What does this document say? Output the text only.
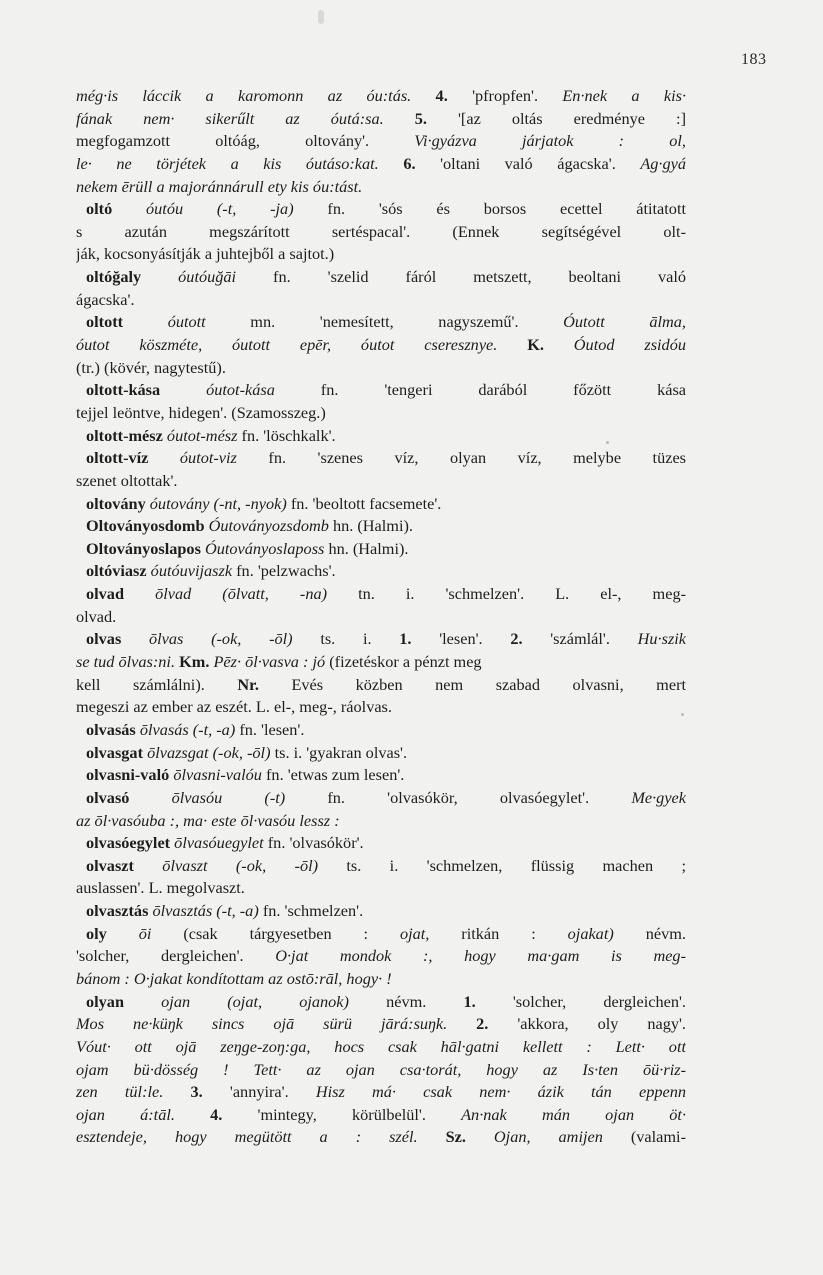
183
még·is láccik a karomonn az óu:tás. 4. 'pfropfen'. En·nek a kis·
fának nem· sikerűlt az óutá:sa. 5. '[az oltás eredménye :]
megfogamzott oltóág, oltovány'. Vi·gyázva járjatok : ol,
le· ne törjétek a kis óutáso:kat. 6. 'oltani való ágacska'. Ag·gyá
nekem ērüll a majoránnárull ety kis óu:tást.
oltó óutóu (-t, -ja) fn. 'sós és borsos ecettel átitatott
s azután megszárított sertéspacal'. (Ennek segítségével olt-
ják, kocsonyásítják a juhtejből a sajtot.)
oltóğaly óutóuğāi fn. 'szelid fáról metszett, beoltani való
ágacska'.
oltott óutott mn. 'nemesített, nagyszemű'. Óutott ālma,
óutot köszméte, óutott epēr, óutot cseresznye. K. Óutod zsidóu
(tr.) (kövér, nagytestű).
oltott-kása óutot-kása fn. 'tengeri darából főzött kása
tejjel leöntve, hidegen'. (Szamosszeg.)
oltott-mész óutot-mész fn. 'löschkalk'.
oltott-víz óutot-viz fn. 'szenes víz, olyan víz, melybe tüzes
szenet oltottak'.
oltovány óutovány (-nt, -nyok) fn. 'beoltott facsemete'.
Oltoványosdomb Óutoványozsdomb hn. (Halmi).
Oltoványoslapos Óutoványoslaposs hn. (Halmi).
oltóviasz óutóuvijaszk fn. 'pelzwachs'.
olvad ōlvad (ōlvatt, -na) tn. i. 'schmelzen'. L. el-, meg-
olvad.
olvas ōlvas (-ok, -ōl) ts. i. 1. 'lesen'. 2. 'számlál'. Hu·szik
se tud ōlvas:ni. Km. Pēz· ōl·vasva : jó (fizetéskor a pénzt meg
kell számlálni). Nr. Evés közben nem szabad olvasni, mert
megeszi az ember az eszét. L. el-, meg-, ráolvas.
olvasás ōlvasás (-t, -a) fn. 'lesen'.
olvasgat ōlvazsgat (-ok, -ōl) ts. i. 'gyakran olvas'.
olvasni-való ōlvasni-valóu fn. 'etwas zum lesen'.
olvasó ōlvasóu (-t) fn. 'olvasókör, olvasóegylet'. Me·gyek
az ōl·vasóuba :, ma· este ōl·vasóu lessz :
olvasóegylet ōlvasóuegylet fn. 'olvasókör'.
olvaszt ōlvaszt (-ok, -ōl) ts. i. 'schmelzen, flüssig machen ;
auslassen'. L. megolvaszt.
olvasztás ōlvasztás (-t, -a) fn. 'schmelzen'.
oly ōi (csak tárgyesetben : ojat, ritkán : ojakat) névm.
'solcher, dergleichen'. O·jat mondok :, hogy ma·gam is meg-
bánom : O·jakat kondítottam az ostō:rāl, hogy· !
olyan ojan (ojat, ojanok) névm. 1. 'solcher, dergleichen'.
Mos ne·küŋk sincs ojā sürü jārá:suŋk. 2. 'akkora, oly nagy'.
Vóut· ott ojā zeŋge-zoŋ:ga, hocs csak hāl·gatni kellett : Lett· ott
ojam bü·dösség ! Tett· az ojan csa·torát, hogy az Is·ten ōü·riz-
zen tül:le. 3. 'annyira'. Hisz má· csak nem· ázik tán eppenn
ojan á:tāl. 4. 'mintegy, körülbelül'. An·nak mán ojan öt·
esztendeje, hogy megütött a : szél. Sz. Ojan, amijen (valami-
